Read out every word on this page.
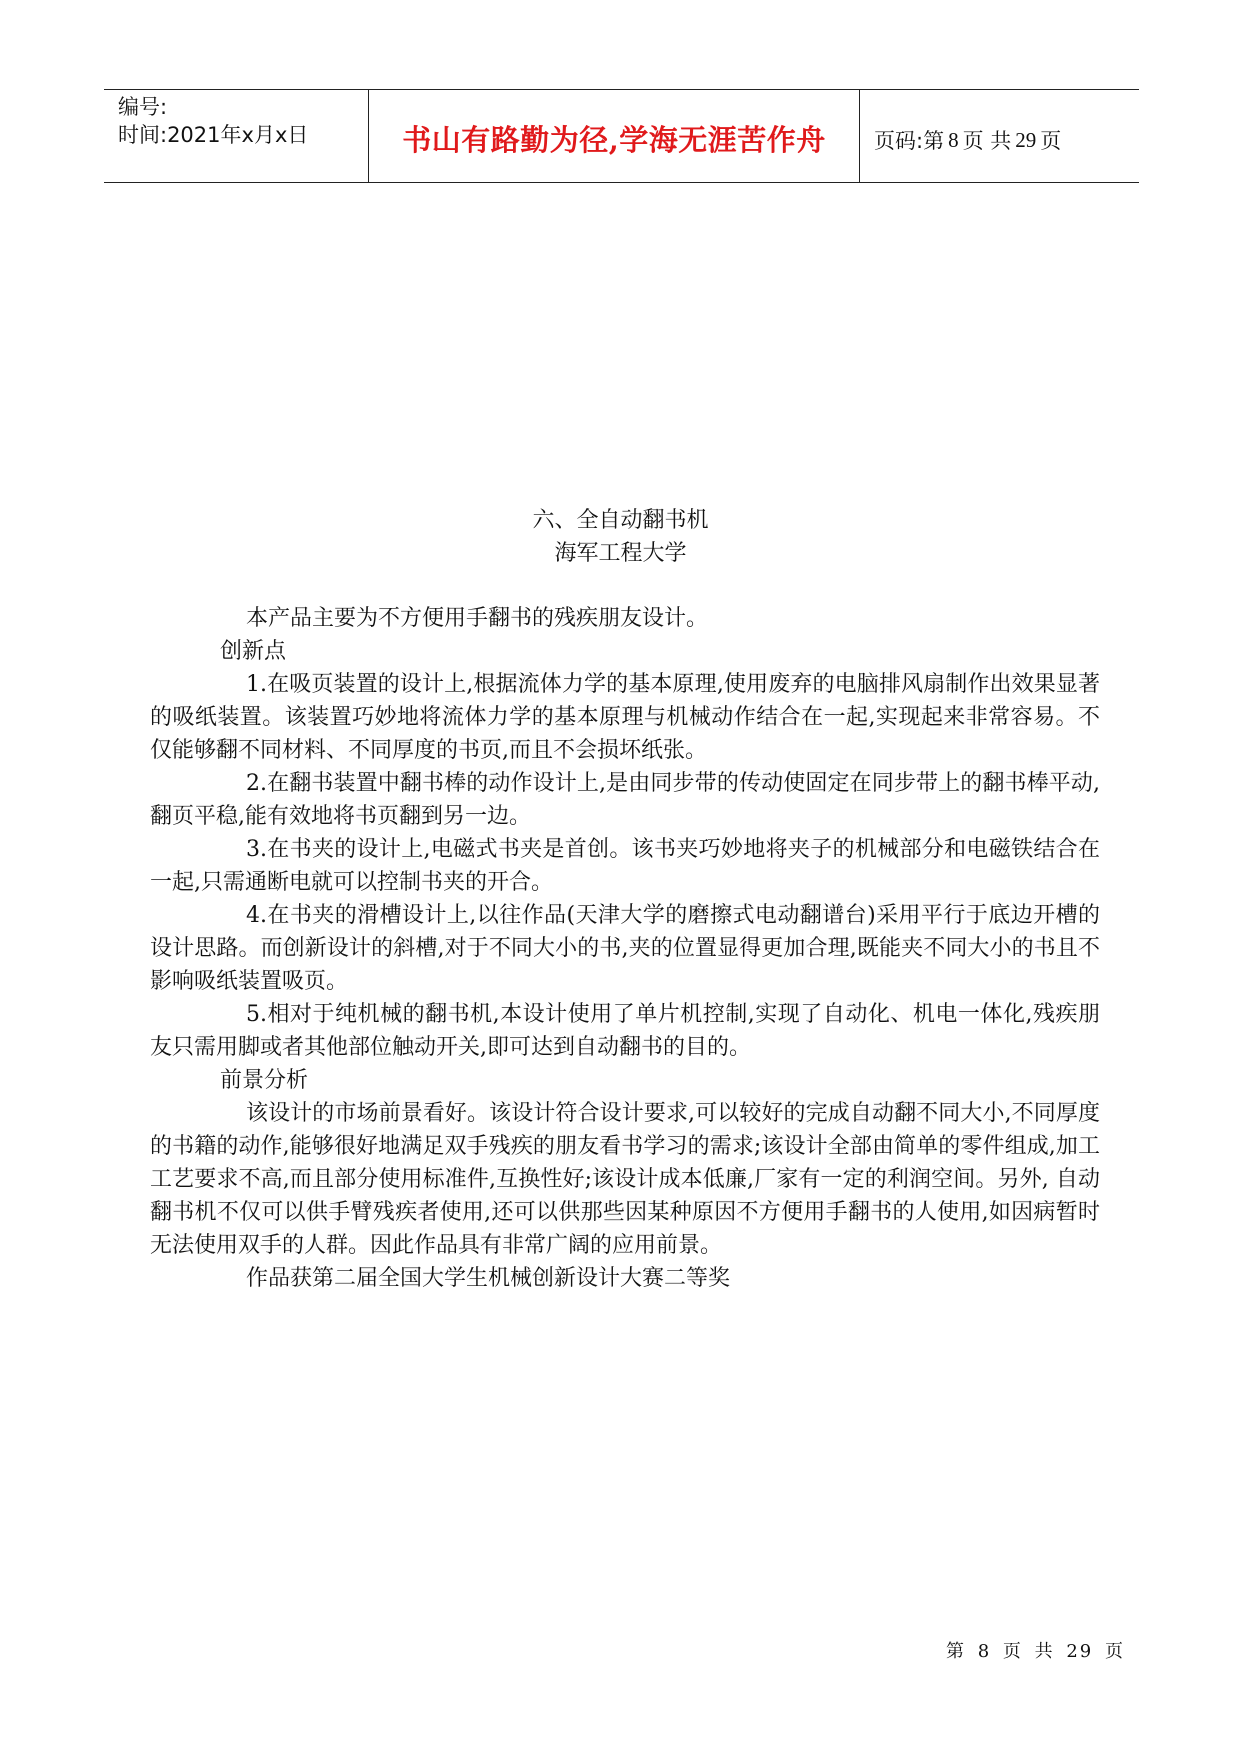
编号:
时间:2021年x月x日	书山有路勤为径,学海无涯苦作舟	页码:第 8 页 共 29 页
六、全自动翻书机
海军工程大学

本产品主要为不方便用手翻书的残疾朋友设计。

创新点

1.在吸页装置的设计上,根据流体力学的基本原理,使用废弃的电脑排风扇制作出效果显著的吸纸装置。该装置巧妙地将流体力学的基本原理与机械动作结合在一起,实现起来非常容易。不仅能够翻不同材料、不同厚度的书页,而且不会损坏纸张。

2.在翻书装置中翻书棒的动作设计上,是由同步带的传动使固定在同步带上的翻书棒平动,翻页平稳,能有效地将书页翻到另一边。

3.在书夹的设计上,电磁式书夹是首创。该书夹巧妙地将夹子的机械部分和电磁铁结合在一起,只需通断电就可以控制书夹的开合。

4.在书夹的滑槽设计上,以往作品(天津大学的磨擦式电动翻谱台)采用平行于底边开槽的设计思路。而创新设计的斜槽,对于不同大小的书,夹的位置显得更加合理,既能夹不同大小的书且不影响吸纸装置吸页。

5.相对于纯机械的翻书机,本设计使用了单片机控制,实现了自动化、机电一体化,残疾朋友只需用脚或者其他部位触动开关,即可达到自动翻书的目的。

前景分析

该设计的市场前景看好。该设计符合设计要求,可以较好的完成自动翻不同大小,不同厚度的书籍的动作,能够很好地满足双手残疾的朋友看书学习的需求;该设计全部由简单的零件组成,加工工艺要求不高,而且部分使用标准件,互换性好;该设计成本低廉,厂家有一定的利润空间。另外, 自动翻书机不仅可以供手臂残疾者使用,还可以供那些因某种原因不方便用手翻书的人使用,如因病暂时无法使用双手的人群。因此作品具有非常广阔的应用前景。

作品获第二届全国大学生机械创新设计大赛二等奖

第 8 页 共 29 页
